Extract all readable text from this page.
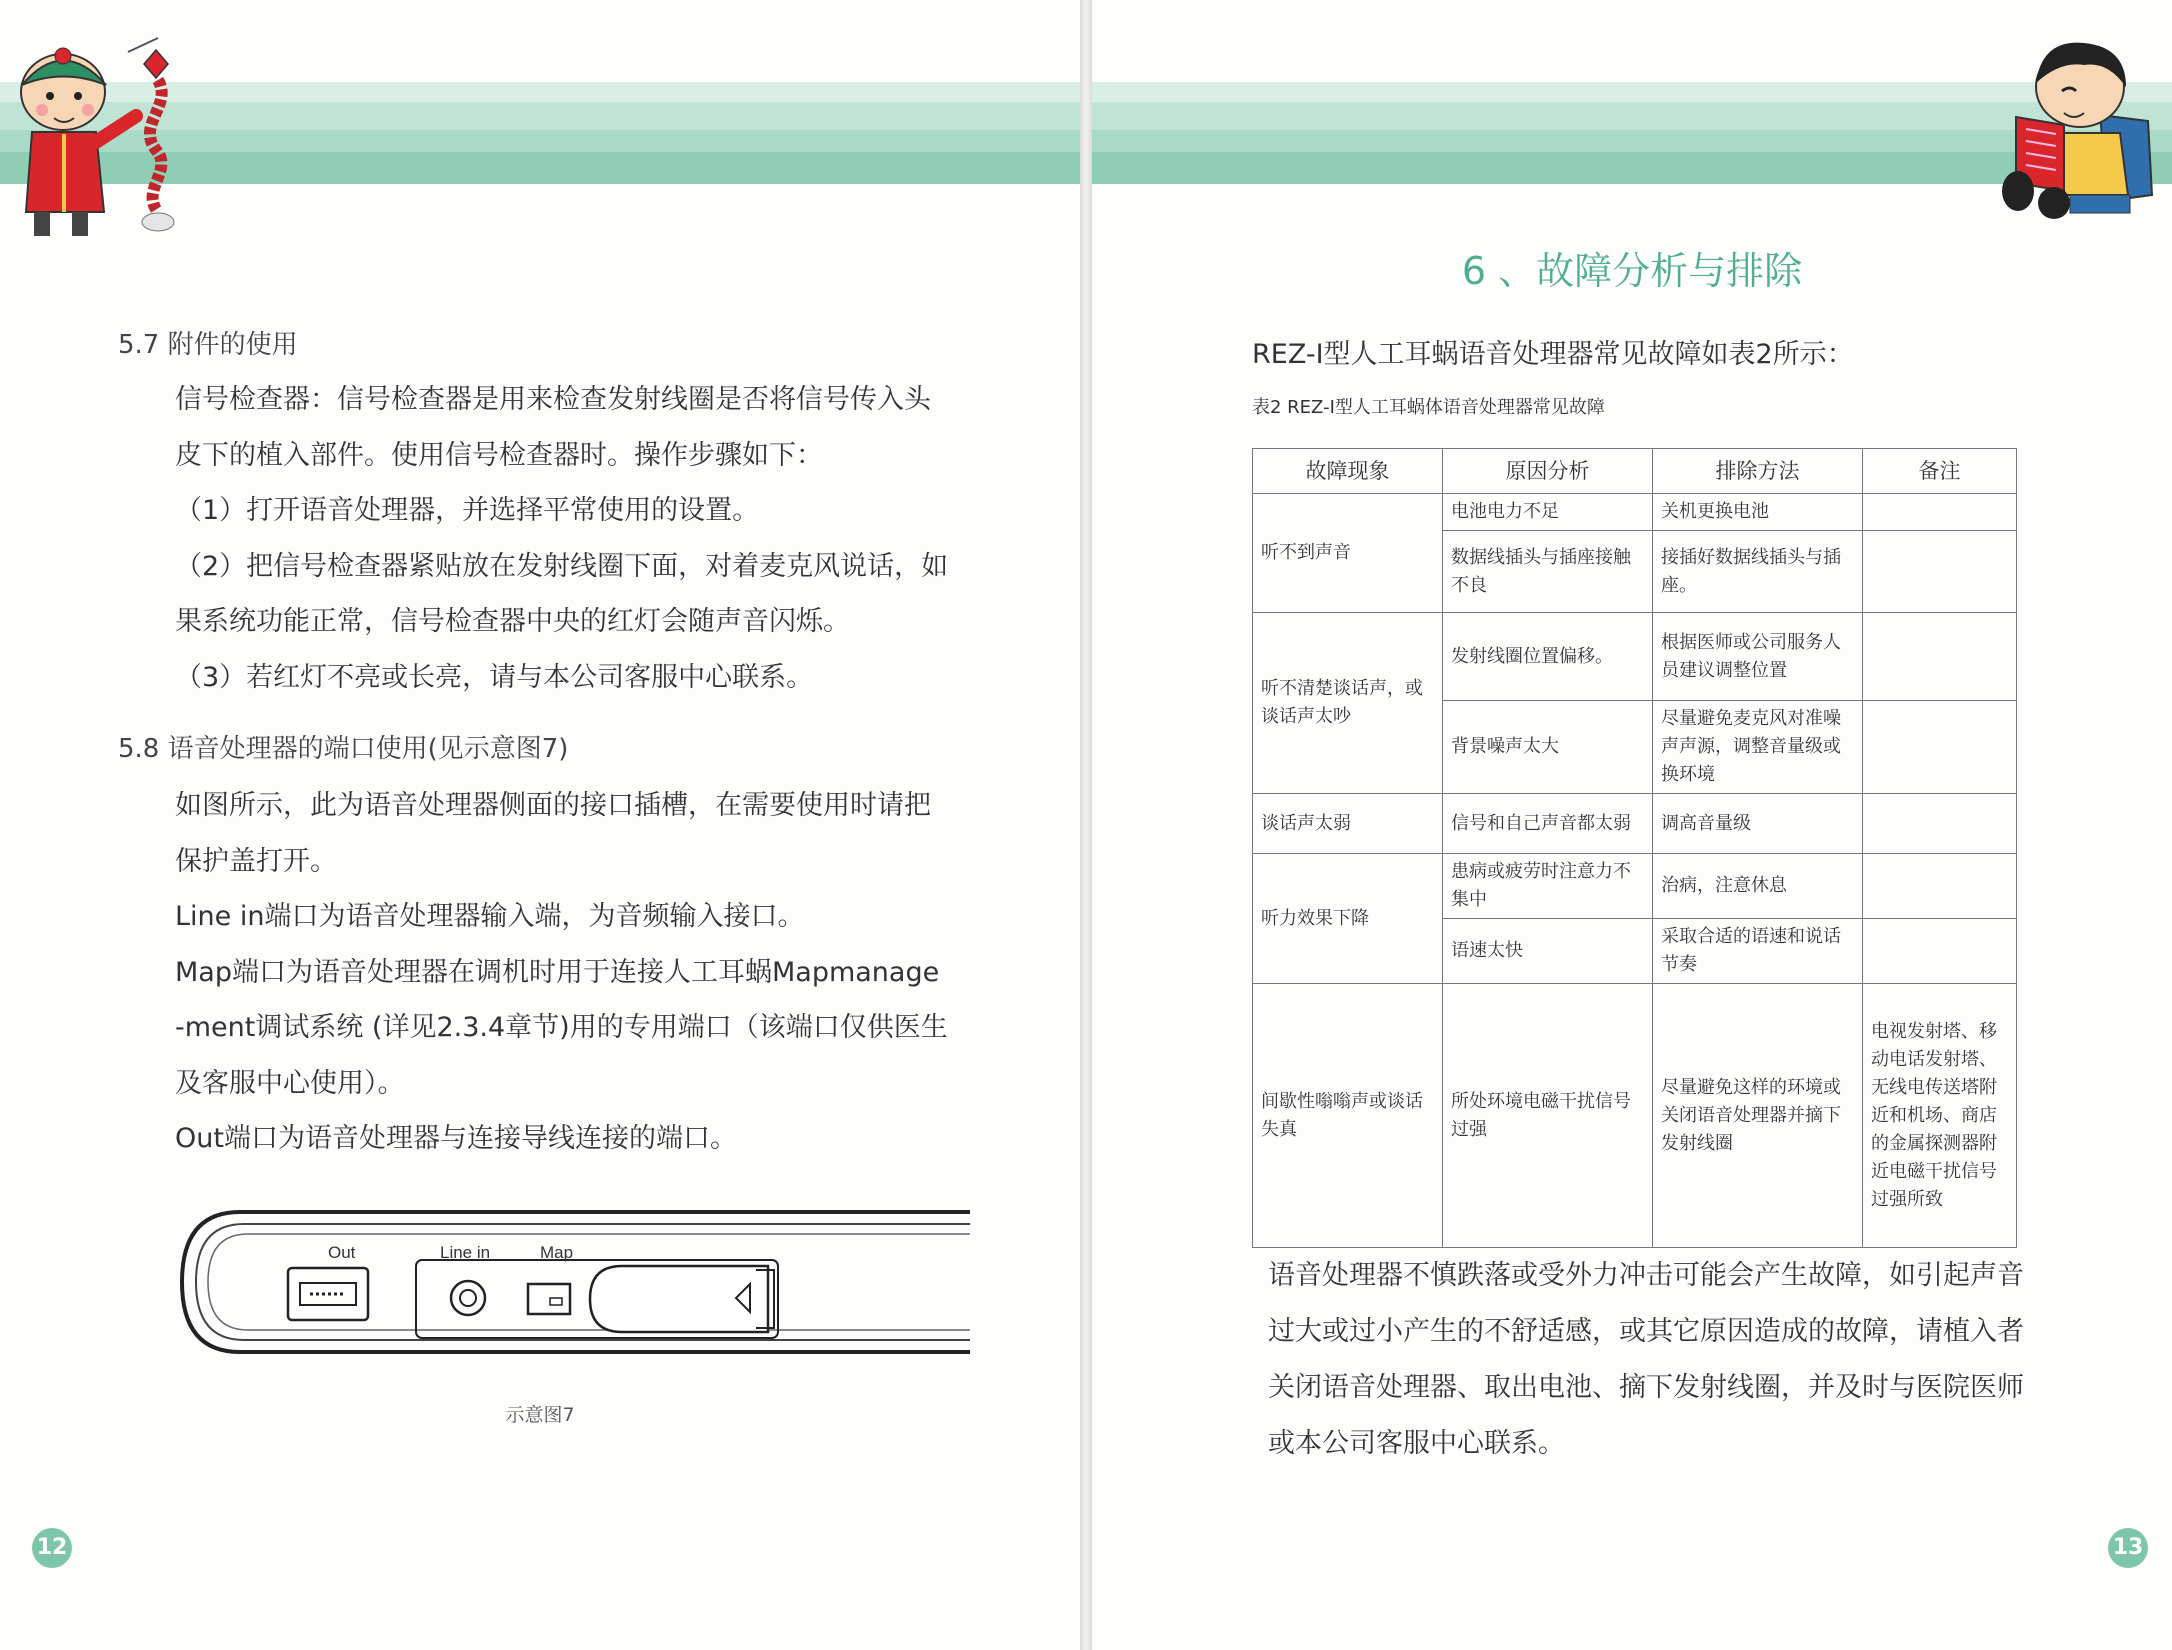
5.7 附件的使用

信号检查器：信号检查器是用来检查发射线圈是否将信号传入头

皮下的植入部件。使用信号检查器时。操作步骤如下：

（1）打开语音处理器，并选择平常使用的设置。

（2）把信号检查器紧贴放在发射线圈下面，对着麦克风说话，如

果系统功能正常，信号检查器中央的红灯会随声音闪烁。

（3）若红灯不亮或长亮，请与本公司客服中心联系。

5.8 语音处理器的端口使用(见示意图7)

如图所示，此为语音处理器侧面的接口插槽，在需要使用时请把

保护盖打开。

Line in端口为语音处理器输入端，为音频输入接口。

Map端口为语音处理器在调机时用于连接人工耳蜗Mapmanage

-ment调试系统 (详见2.3.4章节)用的专用端口（该端口仅供医生

及客服中心使用）。

Out端口为语音处理器与连接导线连接的端口。

Out	Line in	Map
示意图7
12
6 、故障分析与排除
REZ-I型人工耳蜗语音处理器常见故障如表2所示：
表2 REZ-I型人工耳蜗体语音处理器常见故障
故障现象	原因分析	排除方法	备注
听不到声音	电池电力不足	关机更换电池	
	数据线插头与插座接触不良	接插好数据线插头与插座。	
听不清楚谈话声，或谈话声太吵	发射线圈位置偏移。	根据医师或公司服务人员建议调整位置	
	背景噪声太大	尽量避免麦克风对准噪声声源，调整音量级或换环境	
谈话声太弱	信号和自己声音都太弱	调高音量级	
听力效果下降	患病或疲劳时注意力不集中	治病，注意休息	
	语速太快	采取合适的语速和说话节奏	
间歇性嗡嗡声或谈话失真	所处环境电磁干扰信号过强	尽量避免这样的环境或关闭语音处理器并摘下发射线圈	电视发射塔、移动电话发射塔、无线电传送塔附近和机场、商店的金属探测器附近电磁干扰信号过强所致
语音处理器不慎跌落或受外力冲击可能会产生故障，如引起声音
过大或过小产生的不舒适感，或其它原因造成的故障，请植入者
关闭语音处理器、取出电池、摘下发射线圈，并及时与医院医师
或本公司客服中心联系。
13
